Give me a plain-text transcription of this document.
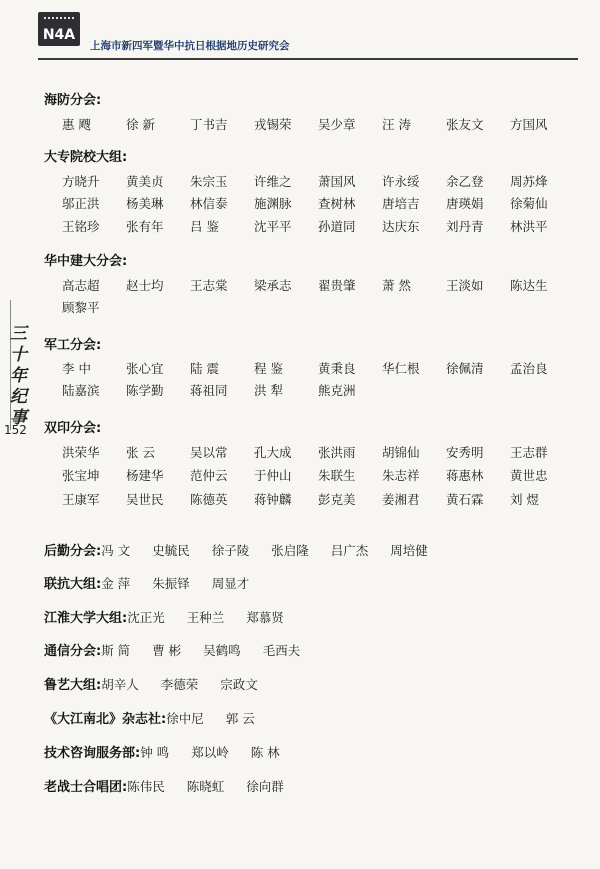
N4A
上海市新四军暨华中抗日根据地历史研究会
三十年纪事
152
海防分会:
惠 飕	徐 新	丁书吉 戎锡荣 吴少章 汪 涛	张友文 方国风
大专院校大组:
方晓升 黄美贞 朱宗玉 许维之 萧国风 许永绥 余乙登 周苏烽
邬正洪 杨美琳 林信泰 施渊脉 查树林 唐培吉 唐瑛娟 徐菊仙
王铭珍 张有年 吕 鉴	沈平平 孙道同 达庆东 刘丹青 林洪平
华中建大分会:
高志超 赵士均 王志棠 梁承志 翟贵肇 萧 然	王淡如 陈达生
顾黎平
军工分会:
李 中	张心宜 陆 震	程 鉴	黄秉良 华仁根 徐佩清 孟治良
陆嘉滨 陈学勤 蒋祖同 洪 犁	熊克洲
双印分会:
洪荣华 张 云	吴以常 孔大成 张洪雨 胡锦仙 安秀明 王志群
张宝坤 杨建华 范仲云 于仲山 朱联生 朱志祥 蒋惠林 黄世忠
王康军 吴世民 陈德英 蒋钟麟 彭克美 姜湘君 黄石霖 刘 煜
后勤分会:冯 文 史毓民 徐子陵 张启隆 吕广杰 周培健
联抗大组:金 萍 朱振铎 周显才
江淮大学大组:沈正光 王种兰 郑慕贤
通信分会:斯 简 曹 彬 吴鹤鸣 毛西夫
鲁艺大组:胡辛人 李德荣 宗政文
《大江南北》杂志社:徐中尼 郭 云
技术咨询服务部:钟 鸣 郑以岭 陈 林
老战士合唱团:陈伟民 陈晓虹 徐向群
